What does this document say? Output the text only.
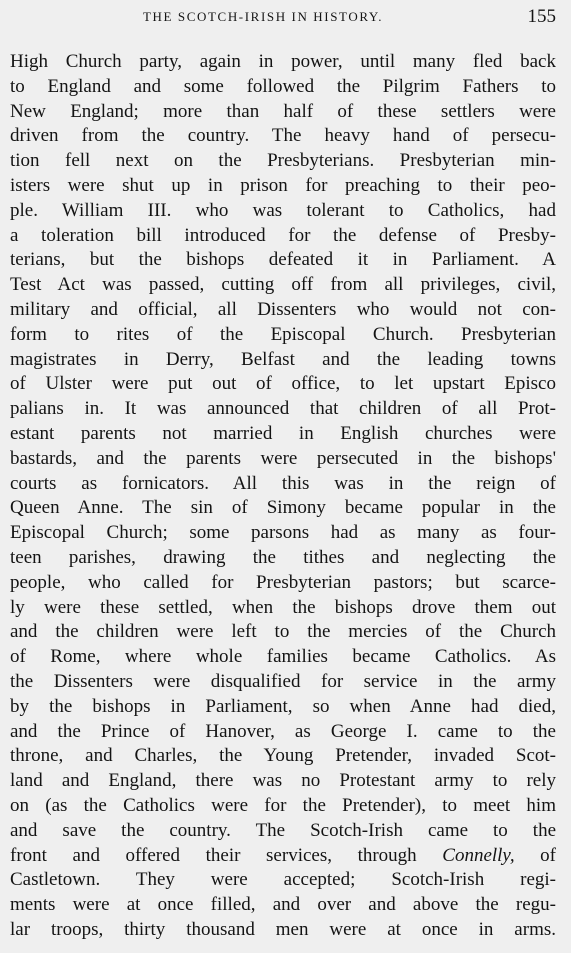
THE SCOTCH-IRISH IN HISTORY.	155
High Church party, again in power, until many fled back
to England and some followed the Pilgrim Fathers to
New England; more than half of these settlers were
driven from the country. The heavy hand of persecu-
tion fell next on the Presbyterians. Presbyterian min-
isters were shut up in prison for preaching to their peo-
ple. William III. who was tolerant to Catholics, had
a toleration bill introduced for the defense of Presby-
terians, but the bishops defeated it in Parliament. A
Test Act was passed, cutting off from all privileges, civil,
military and official, all Dissenters who would not con-
form to rites of the Episcopal Church. Presbyterian
magistrates in Derry, Belfast and the leading towns
of Ulster were put out of office, to let upstart Episco
palians in. It was announced that children of all Prot-
estant parents not married in English churches were
bastards, and the parents were persecuted in the bishops'
courts as fornicators. All this was in the reign of
Queen Anne. The sin of Simony became popular in the
Episcopal Church; some parsons had as many as four-
teen parishes, drawing the tithes and neglecting the
people, who called for Presbyterian pastors; but scarce-
ly were these settled, when the bishops drove them out
and the children were left to the mercies of the Church
of Rome, where whole families became Catholics. As
the Dissenters were disqualified for service in the army
by the bishops in Parliament, so when Anne had died,
and the Prince of Hanover, as George I. came to the
throne, and Charles, the Young Pretender, invaded Scot-
land and England, there was no Protestant army to rely
on (as the Catholics were for the Pretender), to meet him
and save the country. The Scotch-Irish came to the
front and offered their services, through Connelly, of
Castletown. They were accepted; Scotch-Irish regi-
ments were at once filled, and over and above the regu-
lar troops, thirty thousand men were at once in arms.
